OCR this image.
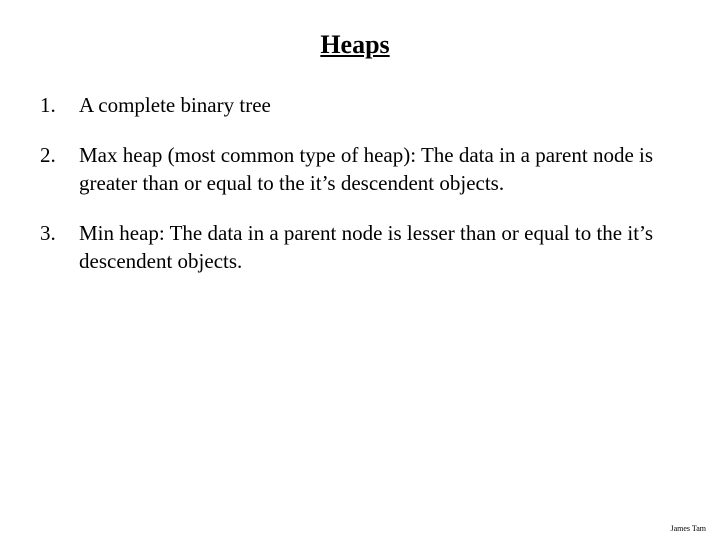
Heaps
1.	A complete binary tree
2.	Max heap (most common type of heap): The data in a parent node is greater than or equal to the it’s descendent objects.
3.	Min heap: The data in a parent node is lesser than or equal to the it’s descendent objects.
James Tam
